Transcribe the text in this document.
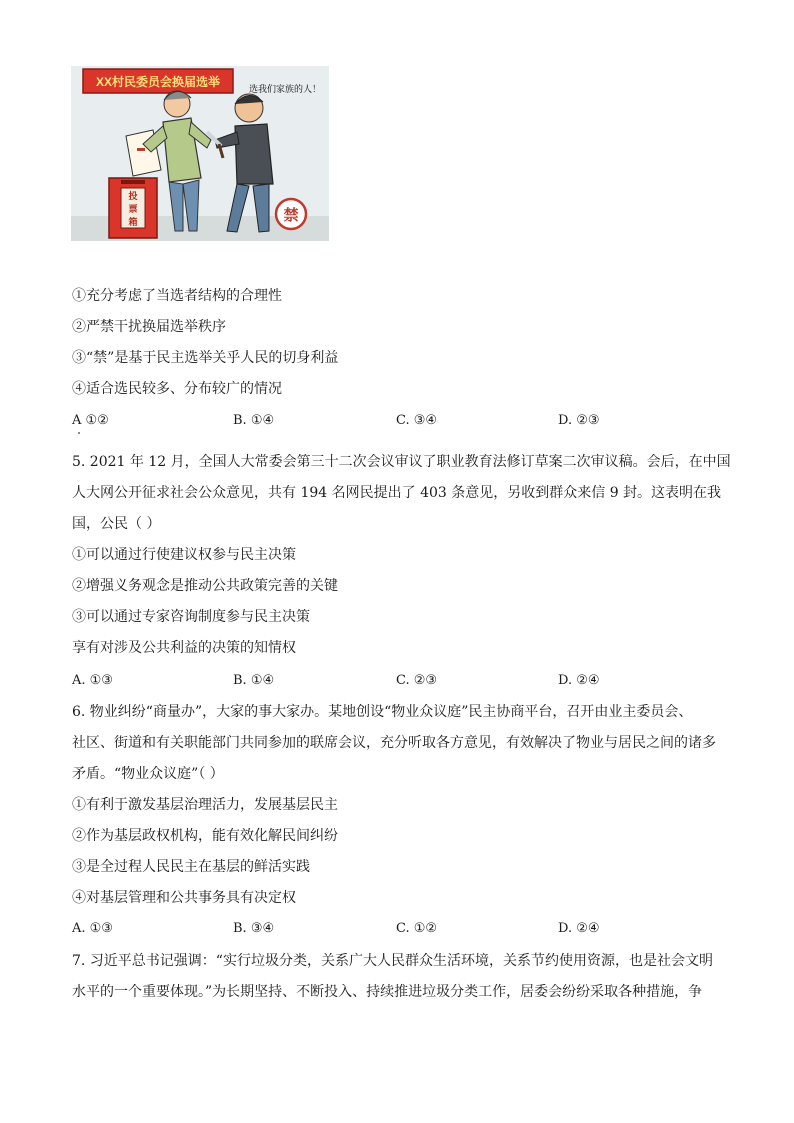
XX村民委员会换届选举	选我们家族的人！
投
票
箱	禁
①充分考虑了当选者结构的合理性
②严禁干扰换届选举秩序
③“禁”是基于民主选举关乎人民的切身利益
④适合选民较多、分布较广的情况
A ①②	B. ①④	C. ③④	D. ②③
5. 2021 年 12 月，全国人大常委会第三十二次会议审议了职业教育法修订草案二次审议稿。会后，在中国
人大网公开征求社会公众意见，共有 194 名网民提出了 403 条意见，另收到群众来信 9 封。这表明在我
国，公民（ ）
①可以通过行使建议权参与民主决策
②增强义务观念是推动公共政策完善的关键
③可以通过专家咨询制度参与民主决策
享有对涉及公共利益的决策的知情权
A. ①③	B. ①④	C. ②③	D. ②④
6. 物业纠纷“商量办”，大家的事大家办。某地创设“物业众议庭”民主协商平台，召开由业主委员会、
社区、街道和有关职能部门共同参加的联席会议，充分听取各方意见，有效解决了物业与居民之间的诸多
矛盾。“物业众议庭”（ ）
①有利于激发基层治理活力，发展基层民主
②作为基层政权机构，能有效化解民间纠纷
③是全过程人民民主在基层的鲜活实践
④对基层管理和公共事务具有决定权
A. ①③	B. ③④	C. ①②	D. ②④
7. 习近平总书记强调：“实行垃圾分类，关系广大人民群众生活环境，关系节约使用资源，也是社会文明
水平的一个重要体现。”为长期坚持、不断投入、持续推进垃圾分类工作，居委会纷纷采取各种措施，争
